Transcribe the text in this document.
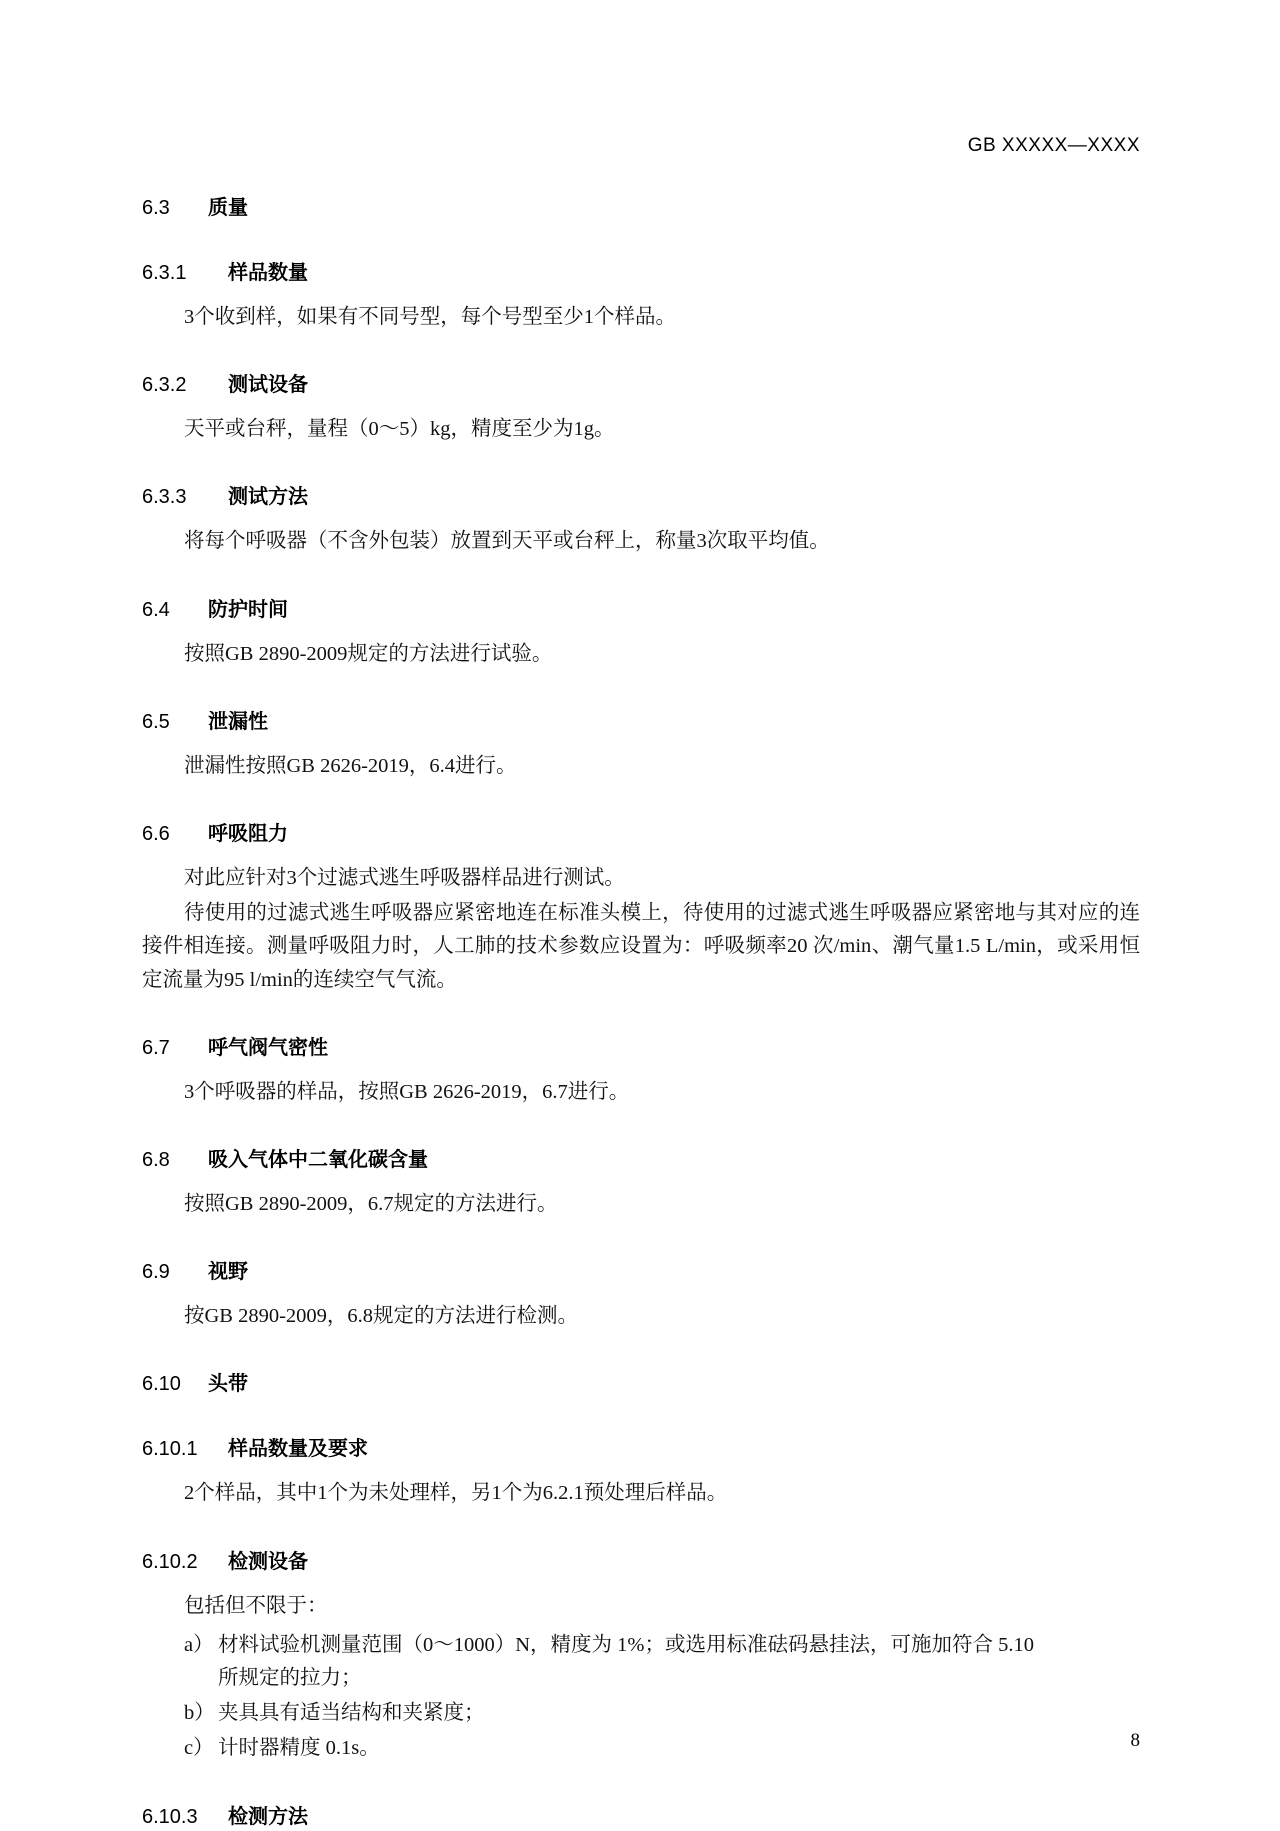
GB XXXXX—XXXX
6.3 质量
6.3.1 样品数量

3个收到样，如果有不同号型，每个号型至少1个样品。

6.3.2 测试设备

天平或台秤，量程（0～5）kg，精度至少为1g。

6.3.3 测试方法

将每个呼吸器（不含外包装）放置到天平或台秤上，称量3次取平均值。

6.4 防护时间

按照GB 2890-2009规定的方法进行试验。

6.5 泄漏性

泄漏性按照GB 2626-2019，6.4进行。

6.6 呼吸阻力

对此应针对3个过滤式逃生呼吸器样品进行测试。

待使用的过滤式逃生呼吸器应紧密地连在标准头模上，待使用的过滤式逃生呼吸器应紧密地与其对应的连接件相连接。测量呼吸阻力时，人工肺的技术参数应设置为：呼吸频率20 次/min、潮气量1.5 L/min，或采用恒定流量为95 l/min的连续空气气流。

6.7 呼气阀气密性

3个呼吸器的样品，按照GB 2626-2019，6.7进行。

6.8 吸入气体中二氧化碳含量

按照GB 2890-2009，6.7规定的方法进行。

6.9 视野

按GB 2890-2009，6.8规定的方法进行检测。

6.10 头带
6.10.1 样品数量及要求

2个样品，其中1个为未处理样，另1个为6.2.1预处理后样品。

6.10.2 检测设备

包括但不限于：

a） 材料试验机测量范围（0～1000）N，精度为 1%；或选用标准砝码悬挂法，可施加符合 5.10
所规定的拉力；
b） 夹具具有适当结构和夹紧度；
c） 计时器精度 0.1s。
6.10.3 检测方法
8
